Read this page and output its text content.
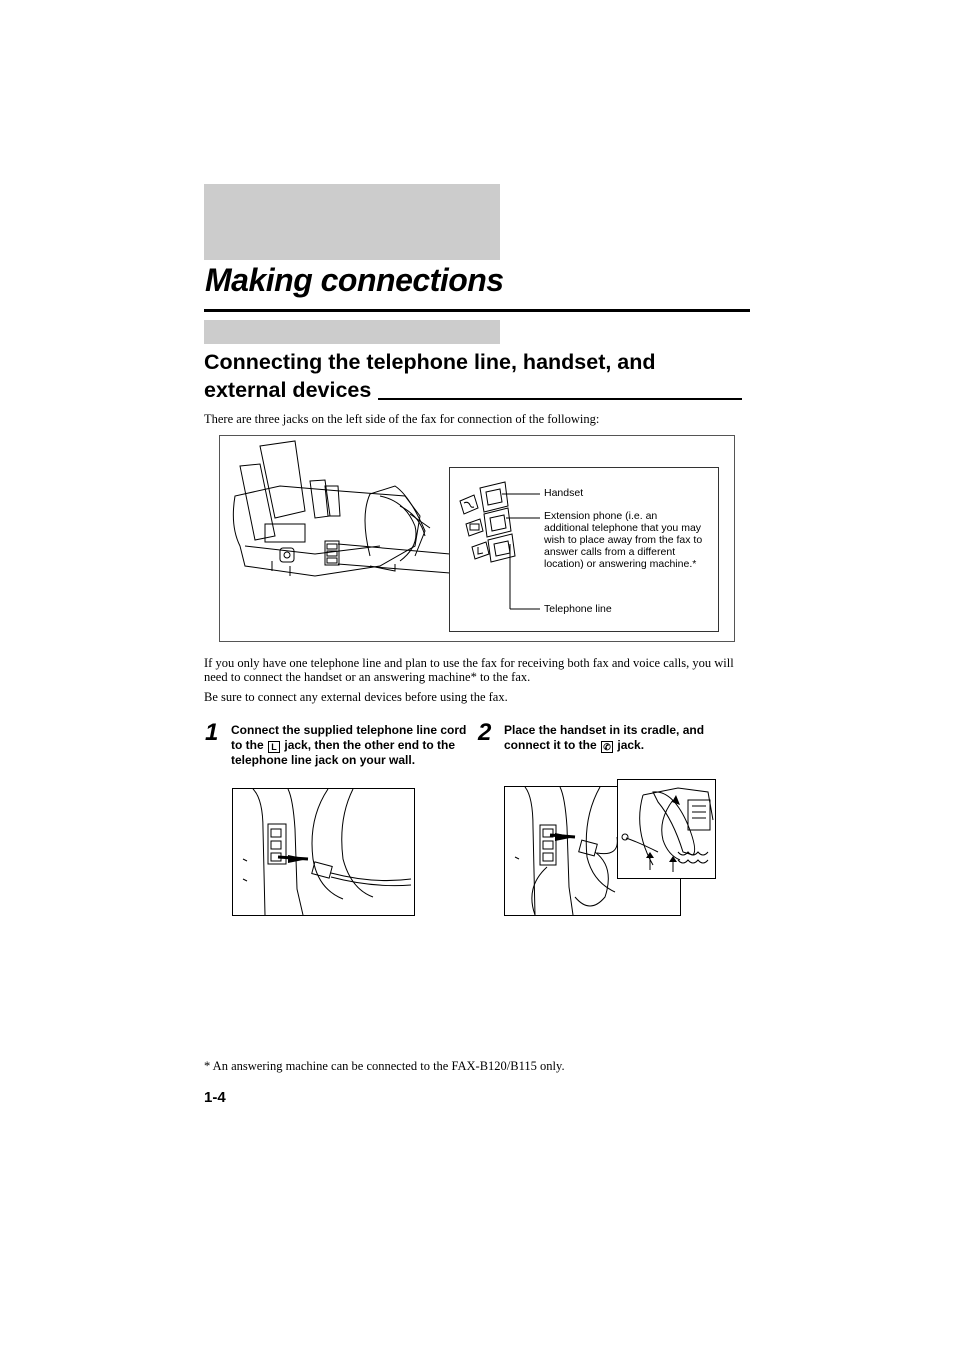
Making connections
Connecting the telephone line, handset, and
external devices
There are three jacks on the left side of the fax for connection of the following:
Handset
Extension phone (i.e. an
additional telephone that you may
wish to place away from the fax to
answer calls from a different
location) or answering machine.*
Telephone line
If you only have one telephone line and plan to use the fax for receiving both fax and voice calls, you will need to connect the handset or an answering machine* to the fax.
Be sure to connect any external devices before using the fax.
1 Connect the supplied telephone line cord to the L jack, then the other end to the telephone line jack on your wall.
2 Place the handset in its cradle, and connect it to the ✆ jack.
* An answering machine can be connected to the FAX-B120/B115 only.
1-4
